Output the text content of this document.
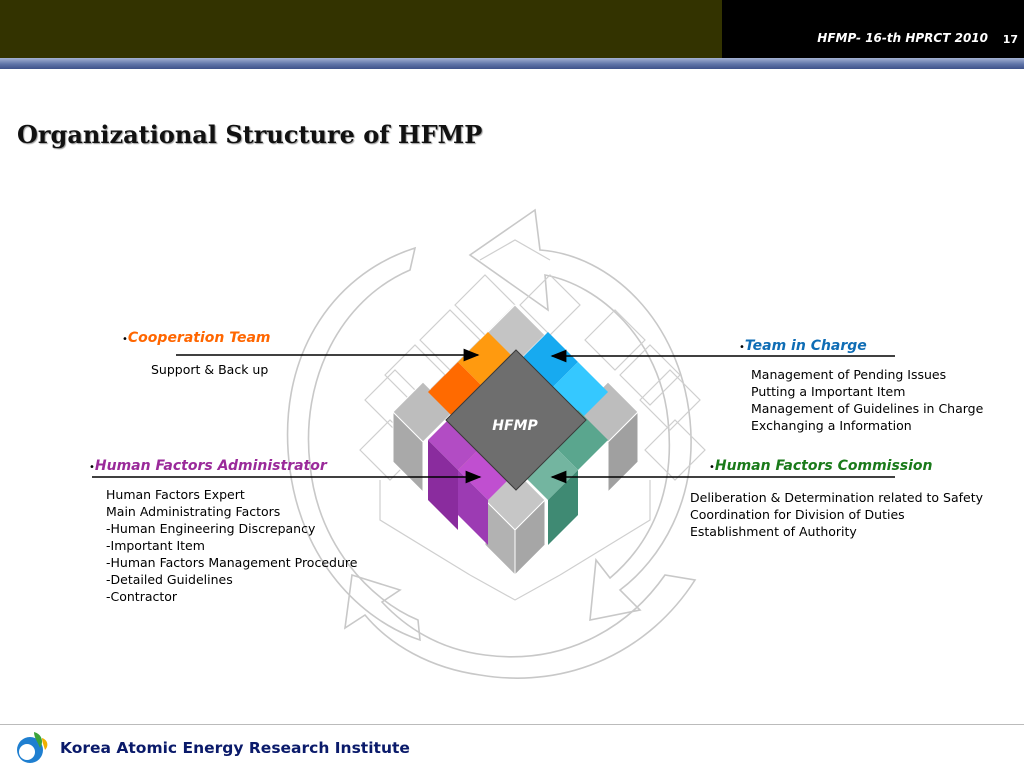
HFMP- 16-th HPRCT 2010 17
Organizational Structure of HFMP
HFMP
•Cooperation Team
Support & Back up
•Team in Charge
Management of Pending Issues
Putting a Important Item
Management of Guidelines in Charge
Exchanging a Information
•Human Factors Administrator
Human Factors Expert
Main Administrating Factors
-Human Engineering Discrepancy
-Important Item
-Human Factors Management Procedure
-Detailed Guidelines
-Contractor
•Human Factors Commission
Deliberation & Determination related to Safety
Coordination for Division of Duties
Establishment of Authority
Korea Atomic Energy Research Institute
